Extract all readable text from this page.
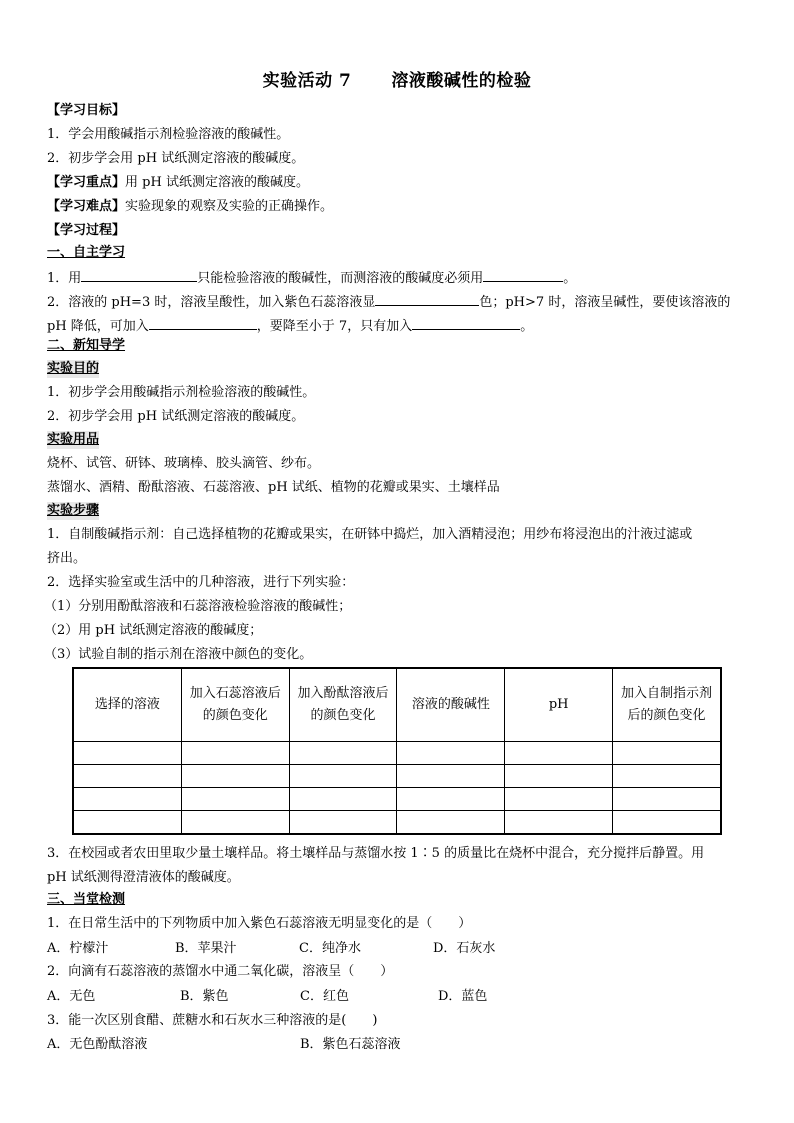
实验活动 7 溶液酸碱性的检验
【学习目标】
1．学会用酸碱指示剂检验溶液的酸碱性。
2．初步学会用 pH 试纸测定溶液的酸碱度。
【学习重点】用 pH 试纸测定溶液的酸碱度。
【学习难点】实验现象的观察及实验的正确操作。
【学习过程】
一、自主学习
1．用	只能检验溶液的酸碱性，而测溶液的酸碱度必须用	。
2．溶液的 pH=3 时，溶液呈酸性，加入紫色石蕊溶液显	色；pH>7 时，溶液呈碱性，要使该溶液的
pH 降低，可加入	，要降至小于 7，只有加入	。
二、新知导学
实验目的
1．初步学会用酸碱指示剂检验溶液的酸碱性。
2．初步学会用 pH 试纸测定溶液的酸碱度。
实验用品
烧杯、试管、研钵、玻璃棒、胶头滴管、纱布。
蒸馏水、酒精、酚酞溶液、石蕊溶液、pH 试纸、植物的花瓣或果实、土壤样品
实验步骤
1．自制酸碱指示剂：自己选择植物的花瓣或果实，在研钵中捣烂，加入酒精浸泡；用纱布将浸泡出的汁液过滤或
挤出。
2．选择实验室或生活中的几种溶液，进行下列实验：
（1）分别用酚酞溶液和石蕊溶液检验溶液的酸碱性；
（2）用 pH 试纸测定溶液的酸碱度；
（3）试验自制的指示剂在溶液中颜色的变化。
选择的溶液	加入石蕊溶液后的颜色变化	加入酚酞溶液后的颜色变化	溶液的酸碱性	pH	加入自制指示剂后的颜色变化

3．在校园或者农田里取少量土壤样品。将土壤样品与蒸馏水按 1∶5 的质量比在烧杯中混合，充分搅拌后静置。用
pH 试纸测得澄清液体的酸碱度。
三、当堂检测
1．在日常生活中的下列物质中加入紫色石蕊溶液无明显变化的是（　　）
A．柠檬汁	B．苹果汁	C．纯净水	D．石灰水
2．向滴有石蕊溶液的蒸馏水中通二氧化碳，溶液呈（　　）
A．无色	B．紫色	C．红色	D．蓝色
3．能一次区别食醋、蔗糖水和石灰水三种溶液的是(　　)
A．无色酚酞溶液	B．紫色石蕊溶液
